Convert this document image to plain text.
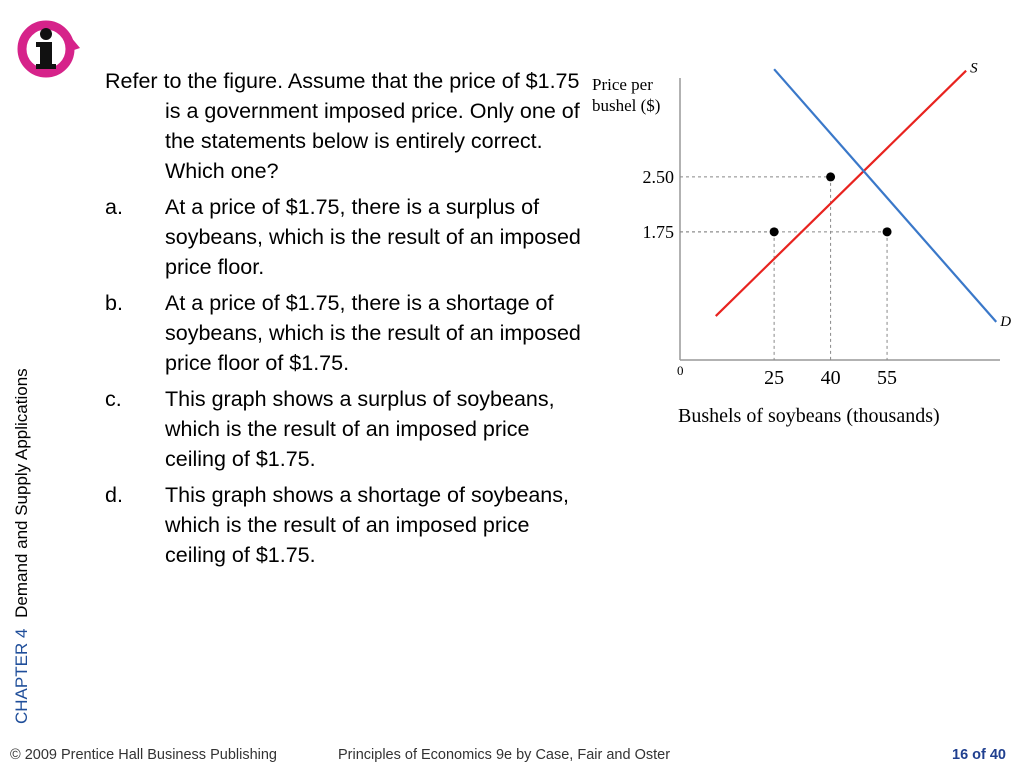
CHAPTER 4 Demand and Supply Applications
Refer to the figure. Assume that the price of $1.75 is a government imposed price. Only one of the statements below is entirely correct. Which one?
a.	At a price of $1.75, there is a surplus of soybeans, which is the result of an imposed price floor.
b.	At a price of $1.75, there is a shortage of soybeans, which is the result of an imposed price floor of $1.75.
c.	This graph shows a surplus of soybeans, which is the result of an imposed price ceiling of $1.75.
d.	This graph shows a shortage of soybeans, which is the result of an imposed price ceiling of $1.75.
Price per
bushel ($)
Bushels of soybeans (thousands)
0
S
D
25 40 55
2.50
1.75
© 2009 Prentice Hall Business Publishing	Principles of Economics 9e by Case, Fair and Oster	16 of 40
